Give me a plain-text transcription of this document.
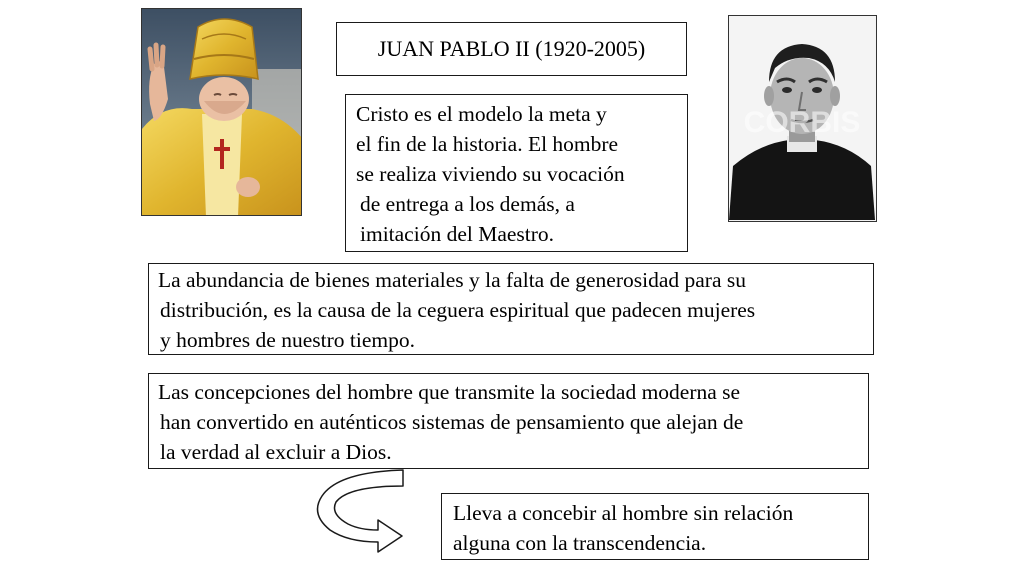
JUAN PABLO II (1920-2005)
CORBIS
Cristo es el modelo la meta y
el fin de la historia. El hombre
se realiza viviendo su vocación
de entrega a los demás, a
imitación del Maestro.
La abundancia de bienes materiales y la falta de generosidad para su
distribución, es la causa de la ceguera espiritual que padecen mujeres
y hombres de nuestro tiempo.
Las concepciones del hombre que transmite la sociedad moderna se
han convertido en auténticos sistemas de pensamiento que alejan de
la verdad al excluir a Dios.
Lleva a concebir al hombre sin relación
alguna con la transcendencia.
